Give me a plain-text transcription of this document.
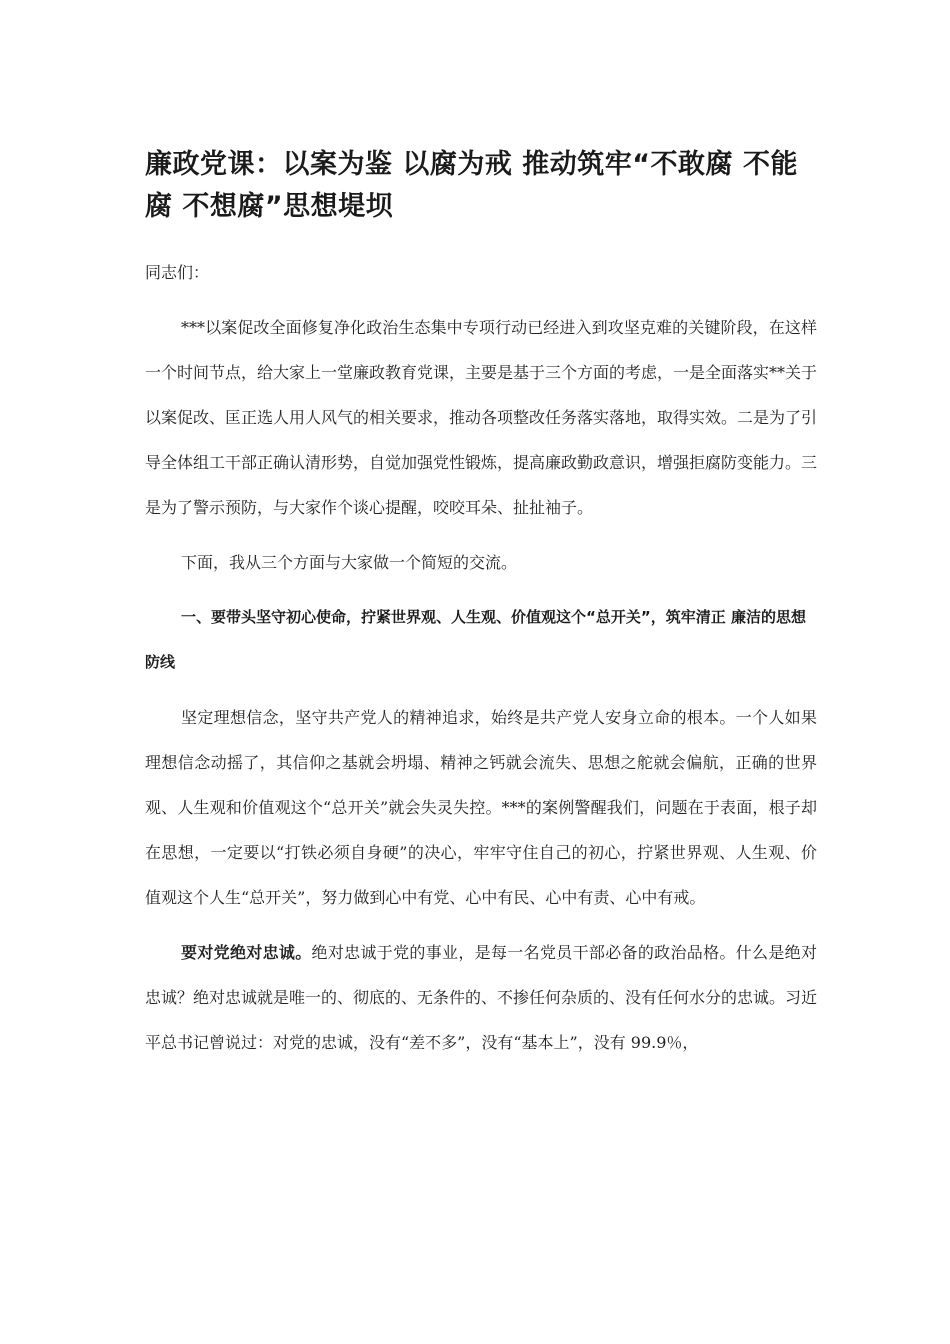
廉政党课：以案为鉴 以腐为戒 推动筑牢“不敢腐 不能腐 不想腐”思想堤坝

同志们：

***以案促改全面修复净化政治生态集中专项行动已经进入到攻坚克难的关键阶段，在这样一个时间节点，给大家上一堂廉政教育党课，主要是基于三个方面的考虑，一是全面落实**关于以案促改、匡正选人用人风气的相关要求，推动各项整改任务落实落地，取得实效。二是为了引导全体组工干部正确认清形势，自觉加强党性锻炼，提高廉政勤政意识，增强拒腐防变能力。三是为了警示预防，与大家作个谈心提醒，咬咬耳朵、扯扯袖子。

下面，我从三个方面与大家做一个简短的交流。

一、要带头坚守初心使命，拧紧世界观、人生观、价值观这个“总开关”，筑牢清正 廉洁的思想防线

坚定理想信念，坚守共产党人的精神追求，始终是共产党人安身立命的根本。一个人如果理想信念动摇了，其信仰之基就会坍塌、精神之钙就会流失、思想之舵就会偏航，正确的世界观、人生观和价值观这个“总开关”就会失灵失控。***的案例警醒我们，问题在于表面，根子却在思想，一定要以“打铁必须自身硬”的决心，牢牢守住自己的初心，拧紧世界观、人生观、价值观这个人生“总开关”，努力做到心中有党、心中有民、心中有责、心中有戒。

要对党绝对忠诚。绝对忠诚于党的事业，是每一名党员干部必备的政治品格。什么是绝对忠诚？绝对忠诚就是唯一的、彻底的、无条件的、不掺任何杂质的、没有任何水分的忠诚。习近平总书记曾说过：对党的忠诚，没有“差不多”，没有“基本上”，没有 99.9％，
